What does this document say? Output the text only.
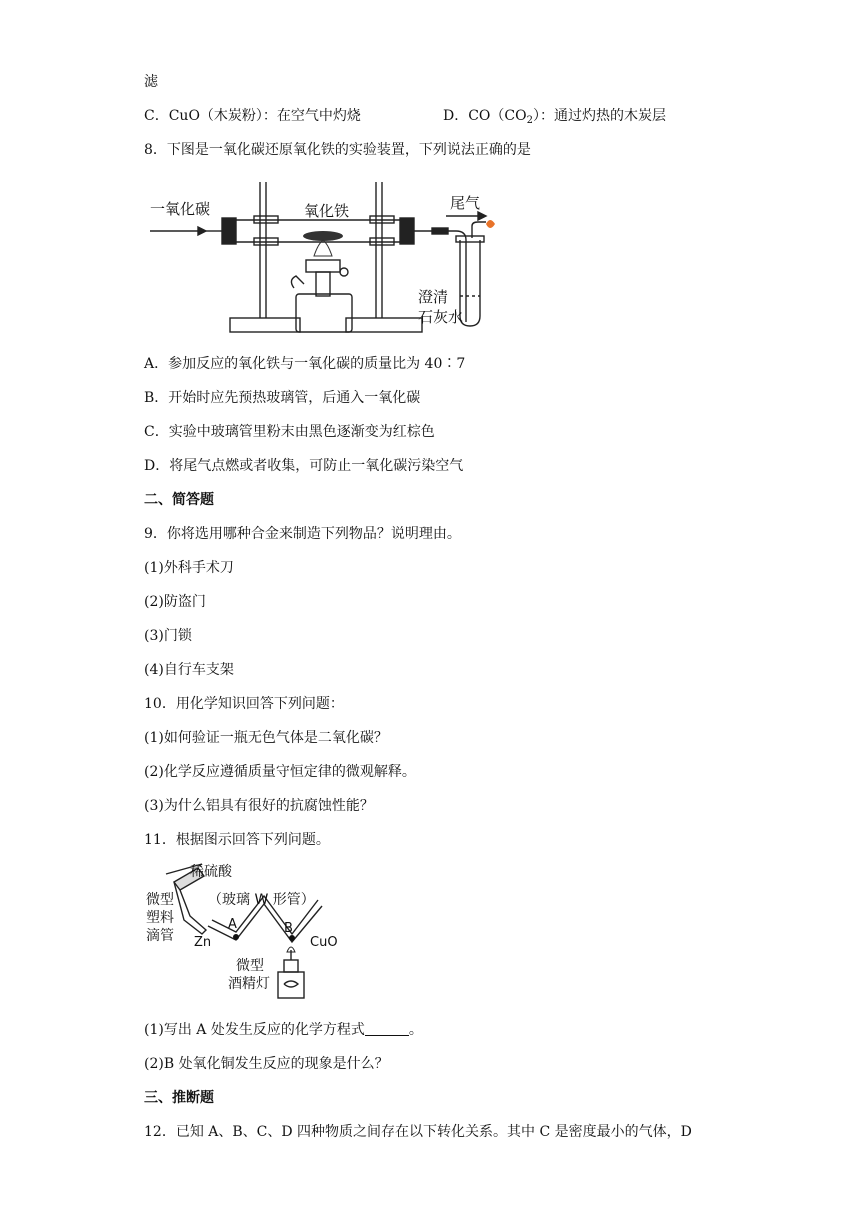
滤
C．CuO（木炭粉）：在空气中灼烧	D．$CO(CO_2)$：通过灼热的木炭层
8．下图是一氧化碳还原氧化铁的实验装置，下列说法正确的是
一氧化碳	氧化铁	尾气
澄清
石灰水
A．参加反应的氧化铁与一氧化碳的质量比为 40∶7
B．开始时应先预热玻璃管，后通入一氧化碳
C．实验中玻璃管里粉末由黑色逐渐变为红棕色
D．将尾气点燃或者收集，可防止一氧化碳污染空气
二、简答题
9．你将选用哪种合金来制造下列物品？说明理由。
(1)外科手术刀
(2)防盗门
(3)门锁
(4)自行车支架
10．用化学知识回答下列问题：
(1)如何验证一瓶无色气体是二氧化碳？
(2)化学反应遵循质量守恒定律的微观解释。
(3)为什么铝具有很好的抗腐蚀性能？
11．根据图示回答下列问题。
稀硫酸
微型
塑料
滴管
（玻璃 W 形管）
A	B
Zn	CuO
微型
酒精灯
(1)写出 A 处发生反应的化学方程式	。
(2)B 处氧化铜发生反应的现象是什么？
三、推断题
12．已知 A、B、C、D 四种物质之间存在以下转化关系。其中 C 是密度最小的气体，D
